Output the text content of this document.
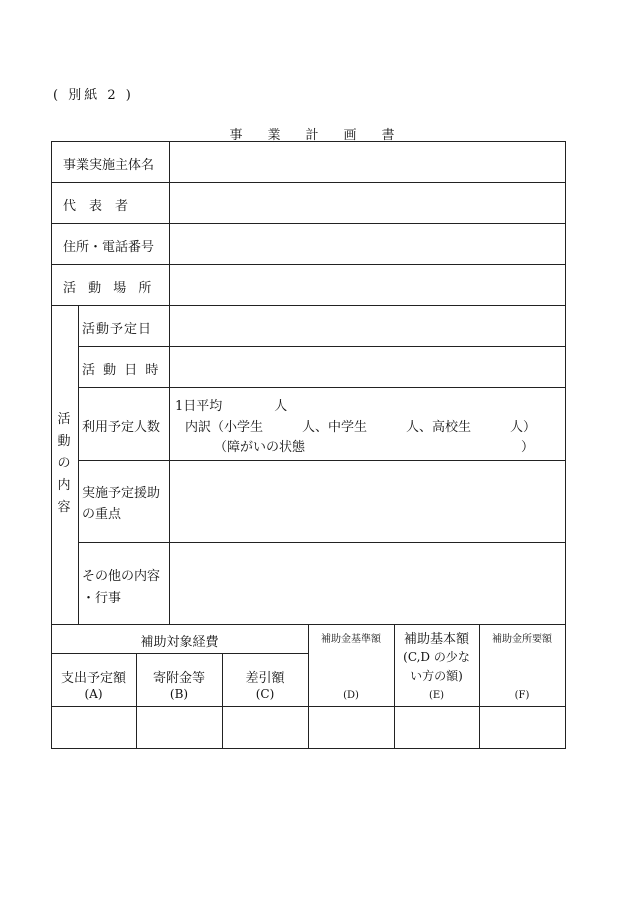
( 別紙 2 )
事　業　計　画　書
事業実施主体名
代　表　者
住所・電話番号
活 動 場 所
活動の内容
活動予定日
活 動 日 時
利用予定人数
実施予定援助
の重点
その他の内容
・行事
1日平均　　　　人
内訳（小学生　　　人、中学生　　　人、高校生　　　人）
（障がいの状態	）
補助対象経費
支出予定額
(A)
寄附金等
(B)
差引額
(C)
補助金基準額
(D)
補助基本額
(C,D の少な
い方の額)
(E)
補助金所要額
(F)
